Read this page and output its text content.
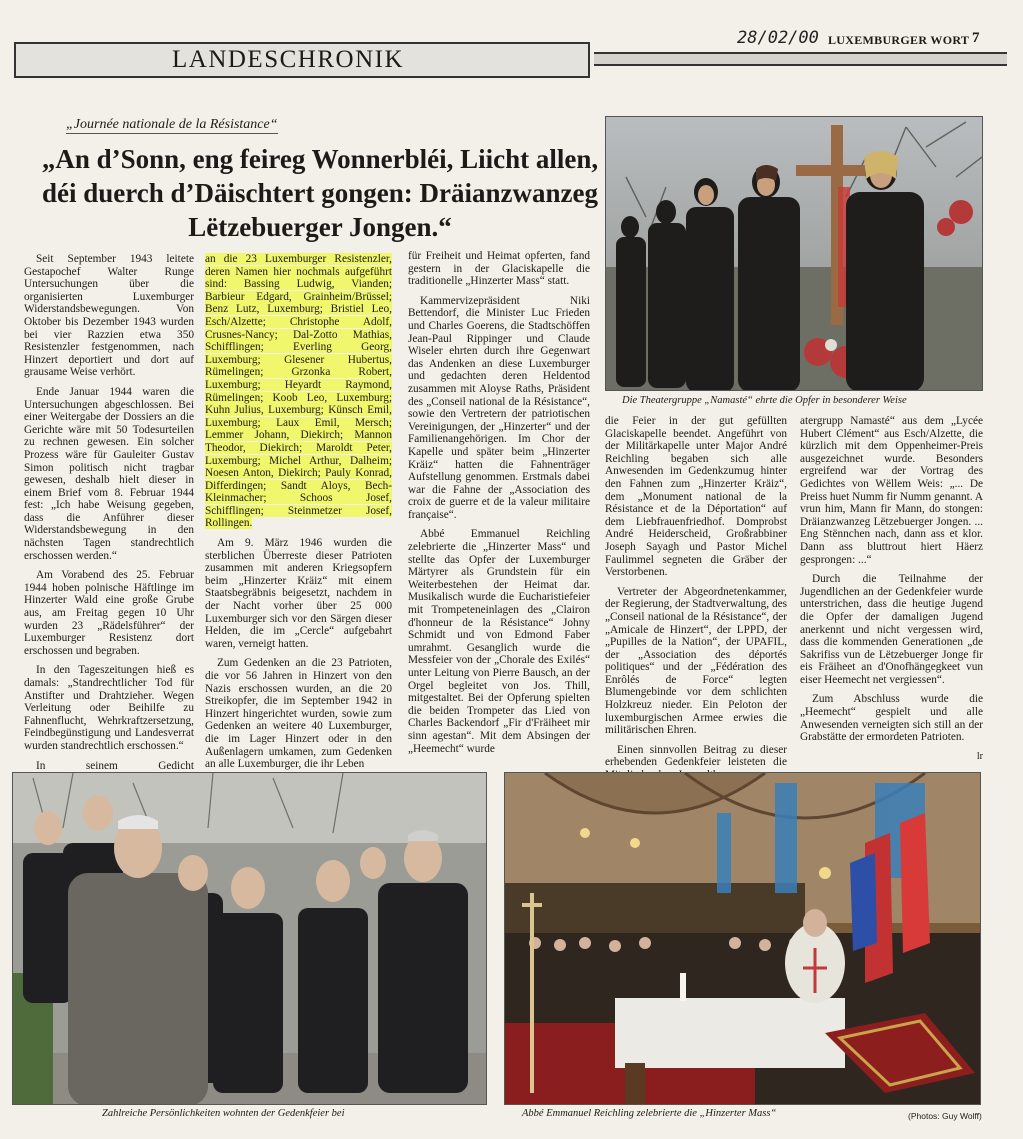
28/02/00 LUXEMBURGER WORT 7
LANDESCHRONIK
„Journée nationale de la Résistance“
„An d’Sonn, eng feireg Wonnerbléi, Liicht allen, déi duerch d’Däischtert gongen: Dräianzwanzeg Lëtzebuerger Jongen.“

Seit September 1943 leitete Gestapochef Walter Runge Untersuchungen über die organisierten Luxemburger Widerstandsbewegungen. Von Oktober bis Dezember 1943 wurden bei vier Razzien etwa 350 Resistenzler festgenommen, nach Hinzert deportiert und dort auf grausame Weise verhört.

Ende Januar 1944 waren die Untersuchungen abgeschlossen. Bei einer Weitergabe der Dossiers an die Gerichte wäre mit 50 Todesurteilen zu rechnen gewesen. Ein solcher Prozess wäre für Gauleiter Gustav Simon politisch nicht tragbar gewesen, deshalb hielt dieser in einem Brief vom 8. Februar 1944 fest: „Ich habe Weisung gegeben, dass die Anführer dieser Widerstandsbewegung in den nächsten Tagen standrechtlich erschossen werden.“

Am Vorabend des 25. Februar 1944 hoben polnische Häftlinge im Hinzerter Wald eine große Grube aus, am Freitag gegen 10 Uhr wurden 23 „Rädelsführer“ der Luxemburger Resistenz dort erschossen und begraben.

In den Tageszeitungen hieß es damals: „Standrechtlicher Tod für Anstifter und Drahtzieher. Wegen Verleitung oder Beihilfe zu Fahnenflucht, Wehrkraftzersetzung, Feindbegünstigung und Landesverrat wurden standrechtlich erschossen.“

In seinem Gedicht

an die 23 Luxemburger Resistenzler, deren Namen hier nochmals aufgeführt sind: Bassing Ludwig, Vianden; Barbieur Edgard, Grainheim/Brüssel; Benz Lutz, Luxemburg; Bristiel Leo, Esch/Alzette; Christophe Adolf, Crusnes-Nancy; Dal-Zotto Mathias, Schifflingen; Everling Georg, Luxemburg; Glesener Hubertus, Rümelingen; Grzonka Robert, Luxemburg; Heyardt Raymond, Rümelingen; Koob Leo, Luxemburg; Kuhn Julius, Luxemburg; Künsch Emil, Luxemburg; Laux Emil, Mersch; Lemmer Johann, Diekirch; Mannon Theodor, Diekirch; Maroldt Peter, Luxemburg; Michel Arthur, Dalheim; Noesen Anton, Diekirch; Pauly Konrad, Differdingen; Sandt Aloys, Bech-Kleinmacher; Schoos Josef, Schifflingen; Steinmetzer Josef, Rollingen.

Am 9. März 1946 wurden die sterblichen Überreste dieser Patrioten zusammen mit anderen Kriegsopfern beim „Hinzerter Kräiz“ mit einem Staatsbegräbnis beigesetzt, nachdem in der Nacht vorher über 25 000 Luxemburger sich vor den Särgen dieser Helden, die im „Cercle“ aufgebahrt waren, verneigt hatten.

Zum Gedenken an die 23 Patrioten, die vor 56 Jahren in Hinzert von den Nazis erschossen wurden, an die 20 Streikopfer, die im September 1942 in Hinzert hingerichtet wurden, sowie zum Gedenken an weitere 40 Luxemburger, die im Lager Hinzert oder in den Außenlagern umkamen, zum Gedenken an alle Luxemburger, die ihr Leben

für Freiheit und Heimat opferten, fand gestern in der Glaciskapelle die traditionelle „Hinzerter Mass“ statt.

Kammervizepräsident Niki Bettendorf, die Minister Luc Frieden und Charles Goerens, die Stadtschöffen Jean-Paul Rippinger und Claude Wiseler ehrten durch ihre Gegenwart das Andenken an diese Luxemburger und gedachten deren Heldentod zusammen mit Aloyse Raths, Präsident des „Conseil national de la Résistance“, sowie den Vertretern der patriotischen Vereinigungen, der „Hinzerter“ und der Familienangehörigen. Im Chor der Kapelle und später beim „Hinzerter Kräiz“ hatten die Fahnenträger Aufstellung genommen. Erstmals dabei war die Fahne der „Association des croix de guerre et de la valeur militaire française“.

Abbé Emmanuel Reichling zelebrierte die „Hinzerter Mass“ und stellte das Opfer der Luxemburger Märtyrer als Grundstein für ein Weiterbestehen der Heimat dar. Musikalisch wurde die Eucharistiefeier mit Trompeteneinlagen des „Clairon d'honneur de la Résistance“ Johny Schmidt und von Edmond Faber umrahmt. Gesanglich wurde die Messfeier von der „Chorale des Exilés“ unter Leitung von Pierre Bausch, an der Orgel begleitet von Jos. Thill, mitgestaltet. Bei der Opferung spielten die beiden Trompeter das Lied von Charles Backendorf „Fir d'Fräiheet mir sinn agestan“. Mit dem Absingen der „Heemecht“ wurde

Die Theatergruppe „Namasté“ ehrte die Opfer in besonderer Weise

die Feier in der gut gefüllten Glaciskapelle beendet. Angeführt von der Militärkapelle unter Major André Reichling begaben sich alle Anwesenden im Gedenkzumug hinter den Fahnen zum „Hinzerter Kräiz“, dem „Monument national de la Résistance et de la Déportation“ auf dem Liebfrauenfriedhof. Domprobst André Heiderscheid, Großrabbiner Joseph Sayagh und Pastor Michel Faulimmel segneten die Gräber der Verstorbenen.

Vertreter der Abgeordnetenkammer, der Regierung, der Stadtverwaltung, des „Conseil national de la Résistance“, der „Amicale de Hinzert“, der LPPD, der „Pupilles de la Nation“, der UPAFIL, der „Association des déportés politiques“ und der „Fédération des Enrôlés de Force“ legten Blumengebinde vor dem schlichten Holzkreuz nieder. Ein Peloton der luxemburgischen Armee erwies die militärischen Ehren.

Einen sinnvollen Beitrag zu dieser erhebenden Gedenkfeier leisteten die

atergrupp Namasté“ aus dem „Lycée Hubert Clément“ aus Esch/Alzette, die kürzlich mit dem Oppenheimer-Preis ausgezeichnet wurde. Besonders ergreifend war der Vortrag des Gedichtes von Wëllem Weis: „... De Preiss huet Numm fir Numm genannt. A vrun him, Mann fir Mann, do stongen: Dräianzwanzeg Lëtzebuerger Jongen. ... Eng Stënnchen nach, dann ass et klor. Dann ass bluttrout hiert Häerz gesprongen: ...“

Durch die Teilnahme der Jugendlichen an der Gedenkfeier wurde unterstrichen, dass die heutige Jugend die Opfer der damaligen Jugend anerkennt und nicht vergessen wird, dass die kommenden Generationen „de Sakrifiss vun de Lëtzebuerger Jonge fir eis Fräiheet an d'Onofhängegkeet vun eiser Heemecht net vergiessen“.

Zum Abschluss wurde die „Heemecht“ gespielt und alle Anwesenden verneigten sich still an der Grabstätte der ermordeten Patrioten.

lr
Zahlreiche Persönlichkeiten wohnten der Gedenkfeier bei	Abbé Emmanuel Reichling zelebrierte die „Hinzerter Mass“	(Photos: Guy Wolff)
